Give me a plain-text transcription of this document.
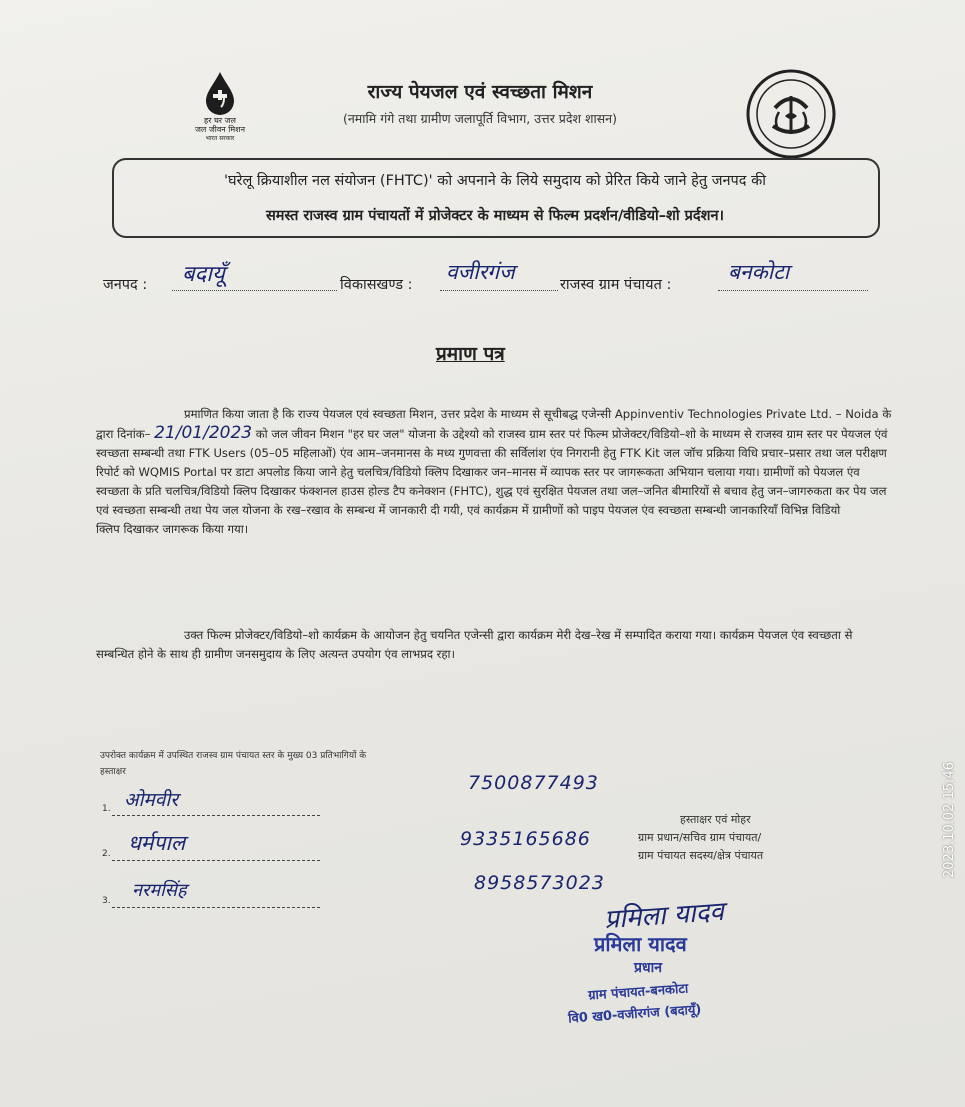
हर घर जल
जल जीवन मिशन
भारत सरकार
राज्य पेयजल एवं स्वच्छता मिशन
(नमामि गंगे तथा ग्रामीण जलापूर्ति विभाग, उत्तर प्रदेश शासन)
'घरेलू क्रियाशील नल संयोजन (FHTC)' को अपनाने के लिये समुदाय को प्रेरित किये जाने हेतु जनपद की
समस्त राजस्व ग्राम पंचायतों में प्रोजेक्टर के माध्यम से फिल्म प्रदर्शन/वीडियो–शो प्रर्दशन।
जनपद : बदायूँ	विकासखण्ड :
वजीरगंज
राजस्व ग्राम पंचायत :
बनकोटा
प्रमाण पत्र
प्रमाणित किया जाता है कि राज्य पेयजल एवं स्वच्छता मिशन, उत्तर प्रदेश के माध्यम से सूचीबद्ध एजेन्सी Appinventiv Technologies Private Ltd. – Noida के द्वारा दिनांक– 21/01/2023 को जल जीवन मिशन "हर घर जल" योजना के उद्देश्यो को राजस्व ग्राम स्तर परं फिल्म प्रोजेक्टर/विडियो–शो के माध्यम से राजस्व ग्राम स्तर पर पेयजल एंवं स्वच्छता सम्बन्धी तथा FTK Users (05–05 महिलाओं) एंव आम–जनमानस के मध्य गुणवत्ता की सर्विलांश एंव निगरानी हेतु FTK Kit जल जॉच प्रक्रिया विधि प्रचार–प्रसार तथा जल परीक्षण रिपोर्ट को WQMIS Portal पर डाटा अपलोड किया जाने हेतु चलचित्र/विडियो क्लिप दिखाकर जन–मानस में व्यापक स्तर पर जागरूकता अभियान चलाया गया। ग्रामीणों को पेयजल एंव स्वच्छता के प्रति चलचित्र/विडियो क्लिप दिखाकर फंक्शनल हाउस होल्ड टैप कनेक्शन (FHTC), शुद्ध एवं सुरक्षित पेयजल तथा जल–जनित बीमारियों से बचाव हेतु जन–जागरुकता कर पेय जल एवं स्वच्छता सम्बन्धी तथा पेय जल योजना के रख–रखाव के सम्बन्ध में जानकारी दी गयी, एवं कार्यक्रम में ग्रामीणों को पाइप पेयजल एंव स्वच्छता सम्बन्धी जानकारियॉं विभिन्न विडियो
क्लिप दिखाकर जागरूक किया गया।
उक्त फिल्म प्रोजेक्टर/विडियो–शो कार्यक्रम के आयोजन हेतु चयनित एजेन्सी द्वारा कार्यक्रम मेरी देख–रेख में सम्पादित कराया गया। कार्यक्रम पेयजल एंव स्वच्छता से सम्बन्धित होने के साथ ही ग्रामीण जनसमुदाय के लिए अत्यन्त उपयोग एंव लाभप्रद रहा।
उपरोक्त कार्यक्रम में उपस्थित राजस्व ग्राम पंचायत स्तर के मुख्य 03 प्रतिभागियों के
हस्ताक्षर
1. ओमवीर
2. धर्मपाल
3. नरमसिंह
7500877493
9335165686
8958573023
हस्ताक्षर एवं मोहर
ग्राम प्रधान/सचिव ग्राम पंचायत/
ग्राम पंचायत सदस्य/क्षेत्र पंचायत
प्रमिला यादव
प्रमिला यादव
प्रधान
ग्राम पंचायत-बनकोटा
वि0 ख0-वजीरगंज (बदायूँ)
2023.10.02 15:46
